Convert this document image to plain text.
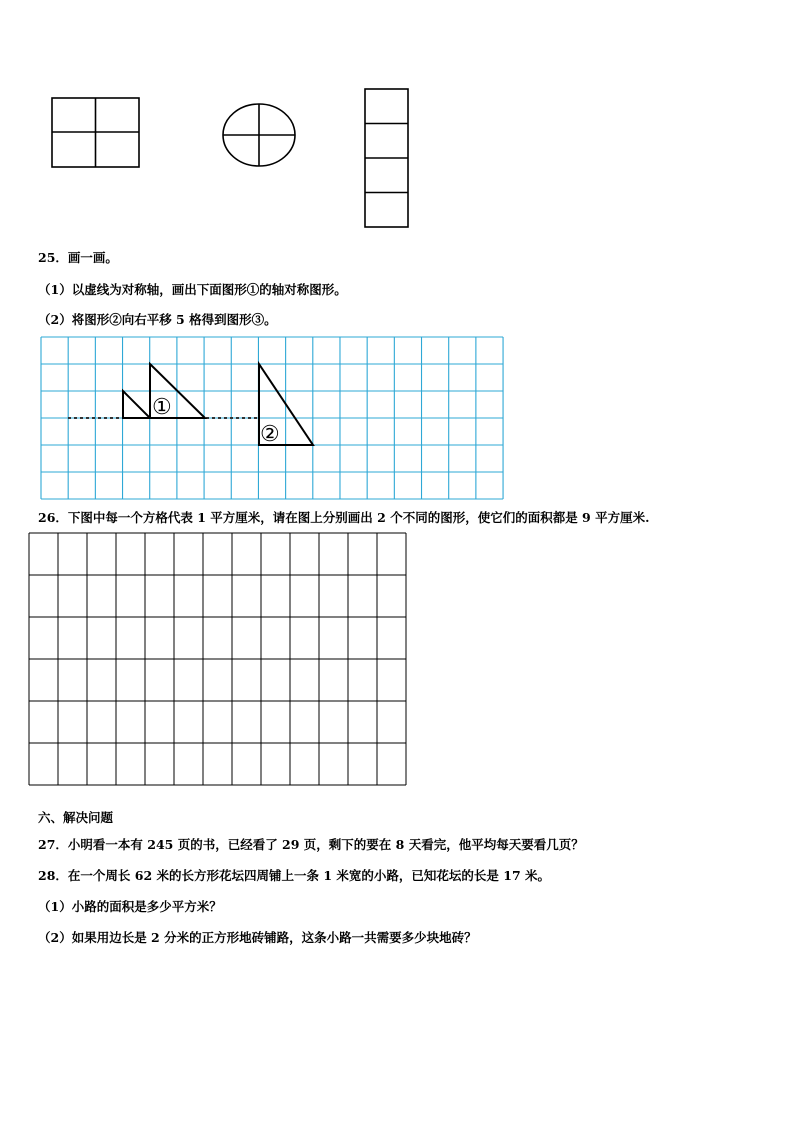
25．画一画。
（1）以虚线为对称轴，画出下面图形①的轴对称图形。
（2）将图形②向右平移 5 格得到图形③。
①
②
26．下图中每一个方格代表 1 平方厘米，请在图上分别画出 2 个不同的图形，使它们的面积都是 9 平方厘米.
六、解决问题
27．小明看一本有 245 页的书，已经看了 29 页，剩下的要在 8 天看完，他平均每天要看几页？
28．在一个周长 62 米的长方形花坛四周铺上一条 1 米宽的小路，已知花坛的长是 17 米。
（1）小路的面积是多少平方米？
（2）如果用边长是 2 分米的正方形地砖铺路，这条小路一共需要多少块地砖？
